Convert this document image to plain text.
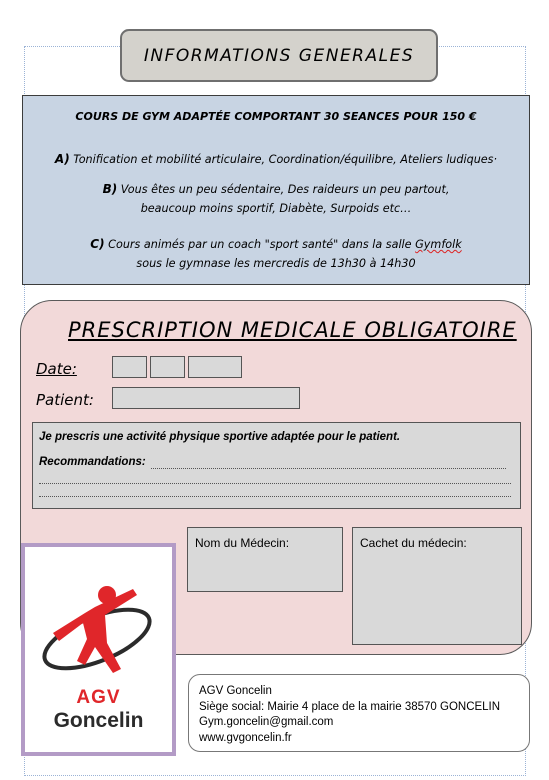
INFORMATIONS GENERALES
COURS DE GYM ADAPTÉE COMPORTANT 30 SEANCES POUR 150 €
A) Tonification et mobilité articulaire, Coordination/équilibre, Ateliers ludiques·
B) Vous êtes un peu sédentaire, Des raideurs un peu partout,
beaucoup moins sportif, Diabète, Surpoids etc…
C) Cours animés par un coach "sport santé" dans la salle Gymfolk
sous le gymnase les mercredis de 13h30 à 14h30
PRESCRIPTION MEDICALE OBLIGATOIRE
Date:
Patient:
Je prescris une activité physique sportive adaptée pour le patient.
Recommandations:
Nom du Médecin:	Cachet du médecin:
AGV
Goncelin
AGV Goncelin
Siège social: Mairie 4 place de la mairie 38570 GONCELIN
Gym.goncelin@gmail.com
www.gvgoncelin.fr
